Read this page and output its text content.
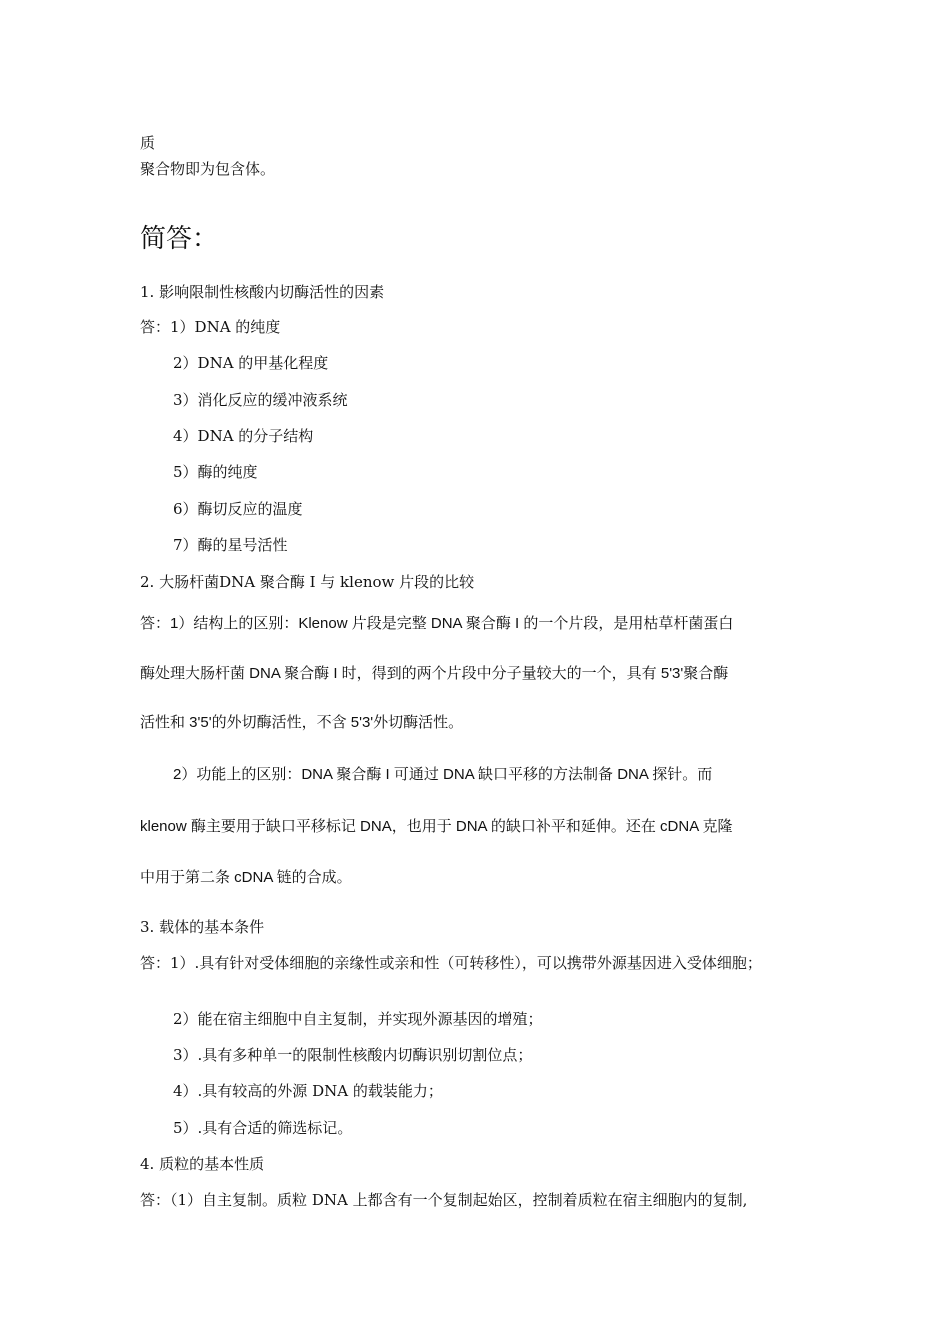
质
聚合物即为包含体。
简答：
1. 影响限制性核酸内切酶活性的因素
答：1）DNA 的纯度
2）DNA 的甲基化程度
3）消化反应的缓冲液系统
4）DNA 的分子结构
5）酶的纯度
6）酶切反应的温度
7）酶的星号活性
2. 大肠杆菌DNA 聚合酶 I 与 klenow 片段的比较
答：1）结构上的区别：Klenow 片段是完整 DNA 聚合酶 I 的一个片段，是用枯草杆菌蛋白
酶处理大肠杆菌 DNA 聚合酶 I 时，得到的两个片段中分子量较大的一个，具有 5'3'聚合酶
活性和 3'5'的外切酶活性，不含 5'3'外切酶活性。
2）功能上的区别：DNA 聚合酶 I 可通过 DNA 缺口平移的方法制备 DNA 探针。而
klenow 酶主要用于缺口平移标记 DNA，也用于 DNA 的缺口补平和延伸。还在 cDNA 克隆
中用于第二条 cDNA 链的合成。
3. 载体的基本条件
答：1）.具有针对受体细胞的亲缘性或亲和性（可转移性），可以携带外源基因进入受体细胞；
2）能在宿主细胞中自主复制，并实现外源基因的增殖；
3）.具有多种单一的限制性核酸内切酶识别切割位点；
4）.具有较高的外源 DNA 的载装能力；
5）.具有合适的筛选标记。
4. 质粒的基本性质
答：（1）自主复制。质粒 DNA 上都含有一个复制起始区，控制着质粒在宿主细胞内的复制,
